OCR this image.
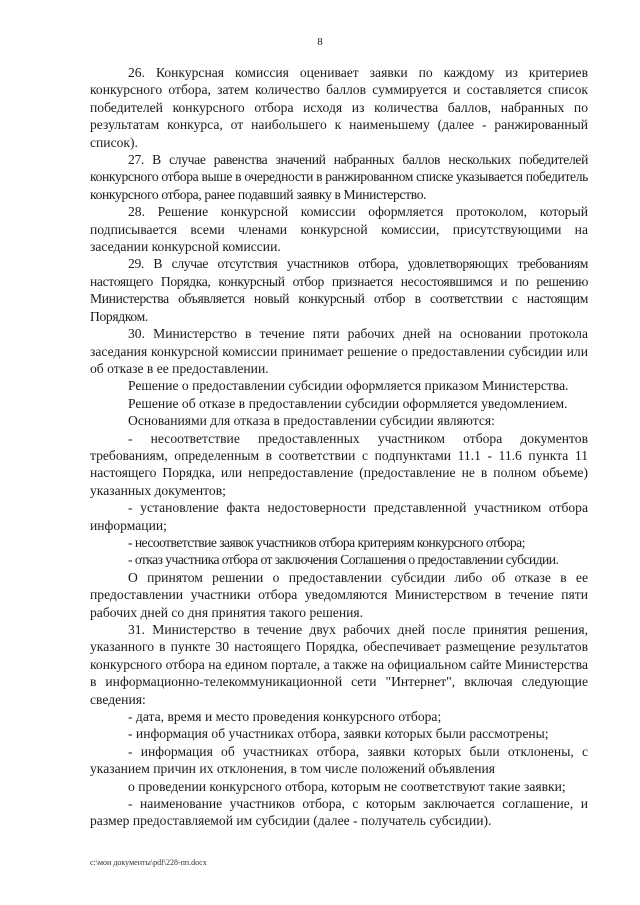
8

26. Конкурсная комиссия оценивает заявки по каждому из критериев конкурсного отбора, затем количество баллов суммируется и составляется список победителей конкурсного отбора исходя из количества баллов, набранных по результатам конкурса, от наибольшего к наименьшему (далее - ранжированный список).

27. В случае равенства значений набранных баллов нескольких победителей конкурсного отбора выше в очередности в ранжированном списке указывается победитель конкурсного отбора, ранее подавший заявку в Министерство.

28. Решение конкурсной комиссии оформляется протоколом, который подписывается всеми членами конкурсной комиссии, присутствующими на заседании конкурсной комиссии.

29. В случае отсутствия участников отбора, удовлетворяющих требованиям настоящего Порядка, конкурсный отбор признается несостоявшимся и по решению Министерства объявляется новый конкурсный отбор в соответствии с настоящим Порядком.

30. Министерство в течение пяти рабочих дней на основании протокола заседания конкурсной комиссии принимает решение о предоставлении субсидии или об отказе в ее предоставлении.

Решение о предоставлении субсидии оформляется приказом Министерства.

Решение об отказе в предоставлении субсидии оформляется уведомлением.

Основаниями для отказа в предоставлении субсидии являются:

- несоответствие предоставленных участником отбора документов требованиям, определенным в соответствии с подпунктами 11.1 - 11.6 пункта 11 настоящего Порядка, или непредоставление (предоставление не в полном объеме) указанных документов;

- установление факта недостоверности представленной участником отбора информации;

- несоответствие заявок участников отбора критериям конкурсного отбора;

- отказ участника отбора от заключения Соглашения о предоставлении субсидии.

О принятом решении о предоставлении субсидии либо об отказе в ее предоставлении участники отбора уведомляются Министерством в течение пяти рабочих дней со дня принятия такого решения.

31. Министерство в течение двух рабочих дней после принятия решения, указанного в пункте 30 настоящего Порядка, обеспечивает размещение результатов конкурсного отбора на едином портале, а также на официальном сайте Министерства в информационно-телекоммуникационной сети "Интернет", включая следующие сведения:

- дата, время и место проведения конкурсного отбора;

- информация об участниках отбора, заявки которых были рассмотрены;

- информация об участниках отбора, заявки которых были отклонены, с указанием причин их отклонения, в том числе положений объявления

о проведении конкурсного отбора, которым не соответствуют такие заявки;

- наименование участников отбора, с которым заключается соглашение, и размер предоставляемой им субсидии (далее - получатель субсидии).

c:\мои документы\pdf\228-пп.docx
